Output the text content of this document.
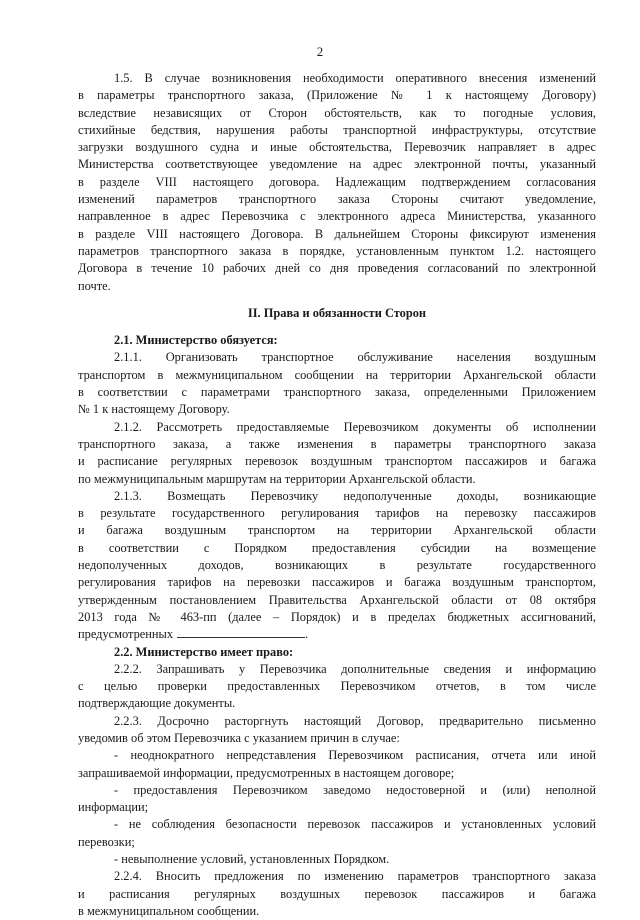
2
1.5. В случае возникновения необходимости оперативного внесения изменений
в параметры транспортного заказа, (Приложение № 1 к настоящему Договору)
вследствие независящих от Сторон обстоятельств, как то погодные условия,
стихийные бедствия, нарушения работы транспортной инфраструктуры, отсутствие
загрузки воздушного судна и иные обстоятельства, Перевозчик направляет в адрес
Министерства соответствующее уведомление на адрес электронной почты, указанный
в разделе VIII настоящего договора. Надлежащим подтверждением согласования
изменений параметров транспортного заказа Стороны считают уведомление,
направленное в адрес Перевозчика с электронного адреса Министерства, указанного
в разделе VIII настоящего Договора. В дальнейшем Стороны фиксируют изменения
параметров транспортного заказа в порядке, установленным пунктом 1.2. настоящего
Договора в течение 10 рабочих дней со дня проведения согласований по электронной
почте.
II. Права и обязанности Сторон
2.1. Министерство обязуется:
2.1.1. Организовать транспортное обслуживание населения воздушным
транспортом в межмуниципальном сообщении на территории Архангельской области
в соответствии с параметрами транспортного заказа, определенными Приложением
№ 1 к настоящему Договору.
2.1.2. Рассмотреть предоставляемые Перевозчиком документы об исполнении
транспортного заказа, а также изменения в параметры транспортного заказа
и расписание регулярных перевозок воздушным транспортом пассажиров и багажа
по межмуниципальным маршрутам на территории Архангельской области.
2.1.3. Возмещать Перевозчику недополученные доходы, возникающие
в результате государственного регулирования тарифов на перевозку пассажиров
и багажа воздушным транспортом на территории Архангельской области
в соответствии с Порядком предоставления субсидии на возмещение
недополученных доходов, возникающих в результате государственного
регулирования тарифов на перевозки пассажиров и багажа воздушным транспортом,
утвержденным постановлением Правительства Архангельской области от 08 октября
2013 года № 463-пп (далее – Порядок) и в пределах бюджетных ассигнований,
предусмотренных	.
2.2. Министерство имеет право:
2.2.2. Запрашивать у Перевозчика дополнительные сведения и информацию
с целью проверки предоставленных Перевозчиком отчетов, в том числе
подтверждающие документы.
2.2.3. Досрочно расторгнуть настоящий Договор, предварительно письменно
уведомив об этом Перевозчика с указанием причин в случае:
- неоднократного непредставления Перевозчиком расписания, отчета или иной
запрашиваемой информации, предусмотренных в настоящем договоре;
- предоставления Перевозчиком заведомо недостоверной и (или) неполной
информации;
- не соблюдения безопасности перевозок пассажиров и установленных условий
перевозки;
- невыполнение условий, установленных Порядком.
2.2.4. Вносить предложения по изменению параметров транспортного заказа
и расписания регулярных воздушных перевозок пассажиров и багажа
в межмуниципальном сообщении.
